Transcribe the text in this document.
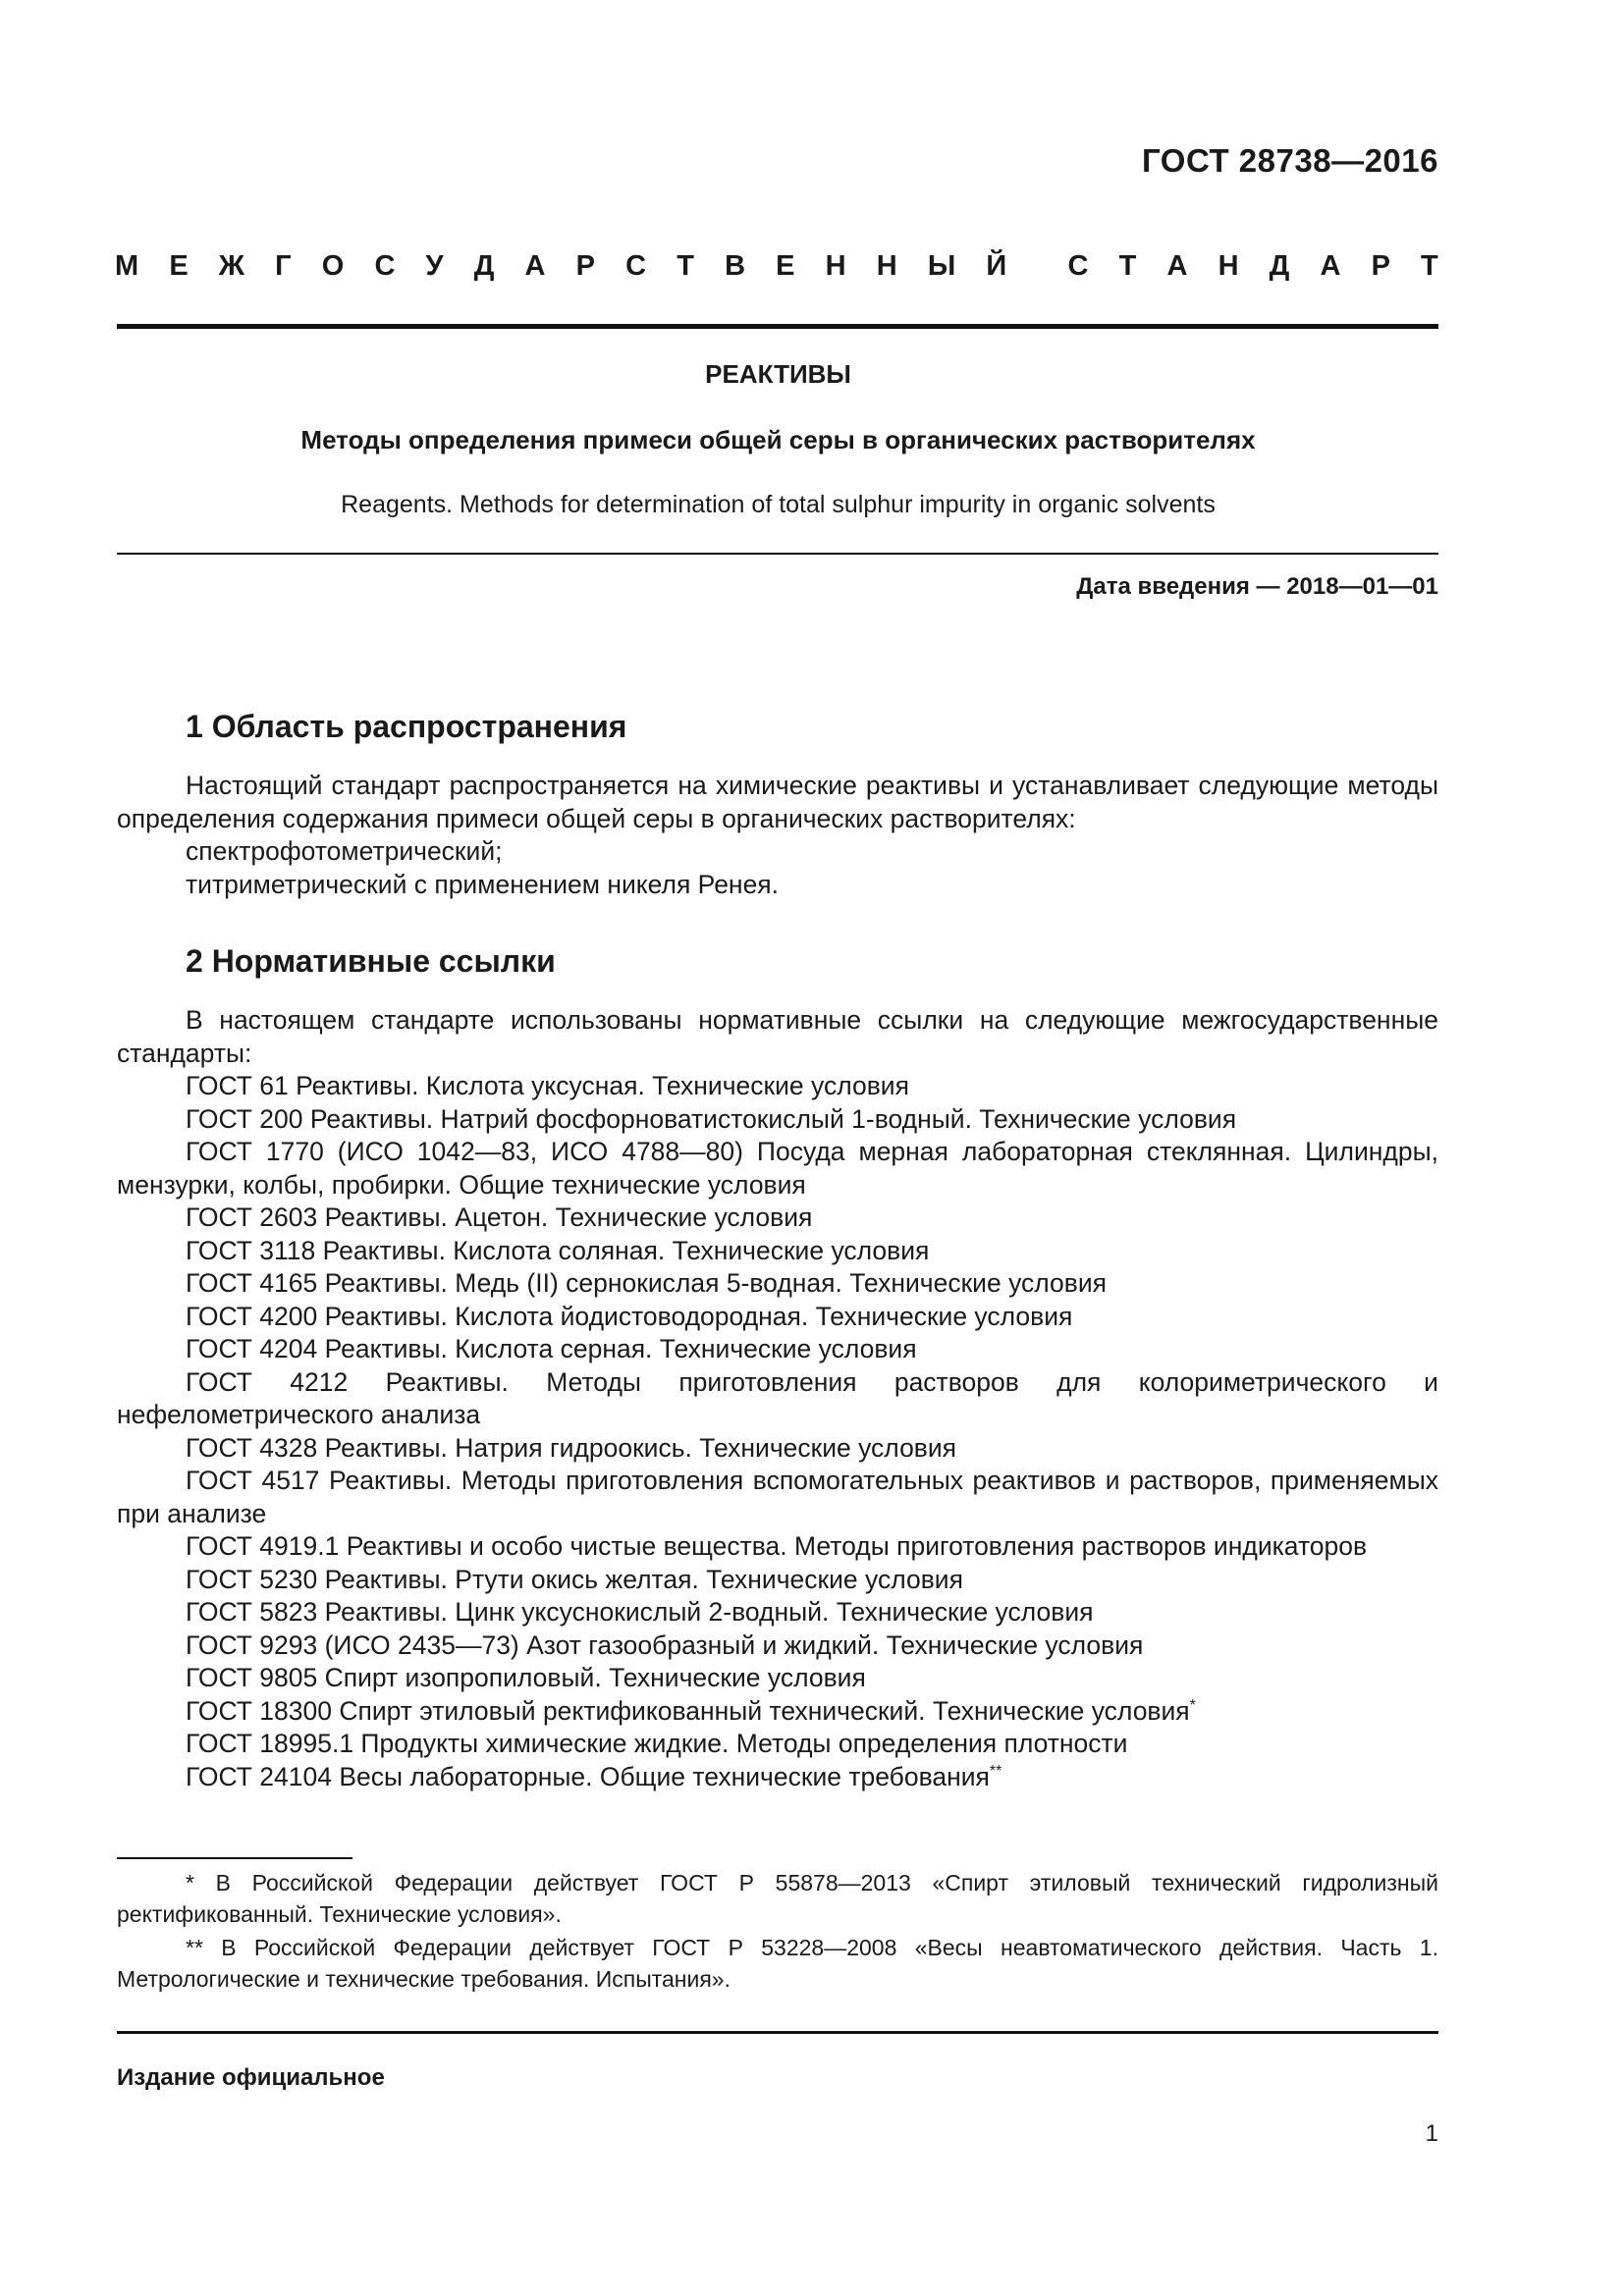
ГОСТ 28738—2016
М Е Ж Г О С У Д А Р С Т В Е Н Н Ы Й С Т А Н Д А Р Т
РЕАКТИВЫ
Методы определения примеси общей серы в органических растворителях
Reagents. Methods for determination of total sulphur impurity in organic solvents
Дата введения — 2018—01—01
1 Область распространения

Настоящий стандарт распространяется на химические реактивы и устанавливает следующие методы определения содержания примеси общей серы в органических растворителях:

спектрофотометрический;

титриметрический с применением никеля Ренея.

2 Нормативные ссылки

В настоящем стандарте использованы нормативные ссылки на следующие межгосударственные стандарты:

ГОСТ 61 Реактивы. Кислота уксусная. Технические условия

ГОСТ 200 Реактивы. Натрий фосфорноватистокислый 1-водный. Технические условия

ГОСТ 1770 (ИСО 1042—83, ИСО 4788—80) Посуда мерная лабораторная стеклянная. Цилиндры, мензурки, колбы, пробирки. Общие технические условия

ГОСТ 2603 Реактивы. Ацетон. Технические условия

ГОСТ 3118 Реактивы. Кислота соляная. Технические условия

ГОСТ 4165 Реактивы. Медь (II) сернокислая 5-водная. Технические условия

ГОСТ 4200 Реактивы. Кислота йодистоводородная. Технические условия

ГОСТ 4204 Реактивы. Кислота серная. Технические условия

ГОСТ 4212 Реактивы. Методы приготовления растворов для колориметрического и нефелометрического анализа

ГОСТ 4328 Реактивы. Натрия гидроокись. Технические условия

ГОСТ 4517 Реактивы. Методы приготовления вспомогательных реактивов и растворов, применяемых при анализе

ГОСТ 4919.1 Реактивы и особо чистые вещества. Методы приготовления растворов индикаторов

ГОСТ 5230 Реактивы. Ртути окись желтая. Технические условия

ГОСТ 5823 Реактивы. Цинк уксуснокислый 2-водный. Технические условия

ГОСТ 9293 (ИСО 2435—73) Азот газообразный и жидкий. Технические условия

ГОСТ 9805 Спирт изопропиловый. Технические условия

ГОСТ 18300 Спирт этиловый ректификованный технический. Технические условия*

ГОСТ 18995.1 Продукты химические жидкие. Методы определения плотности

ГОСТ 24104 Весы лабораторные. Общие технические требования**

* В Российской Федерации действует ГОСТ Р 55878—2013 «Спирт этиловый технический гидролизный ректификованный. Технические условия».

** В Российской Федерации действует ГОСТ Р 53228—2008 «Весы неавтоматического действия. Часть 1. Метрологические и технические требования. Испытания».

Издание официальное
1
